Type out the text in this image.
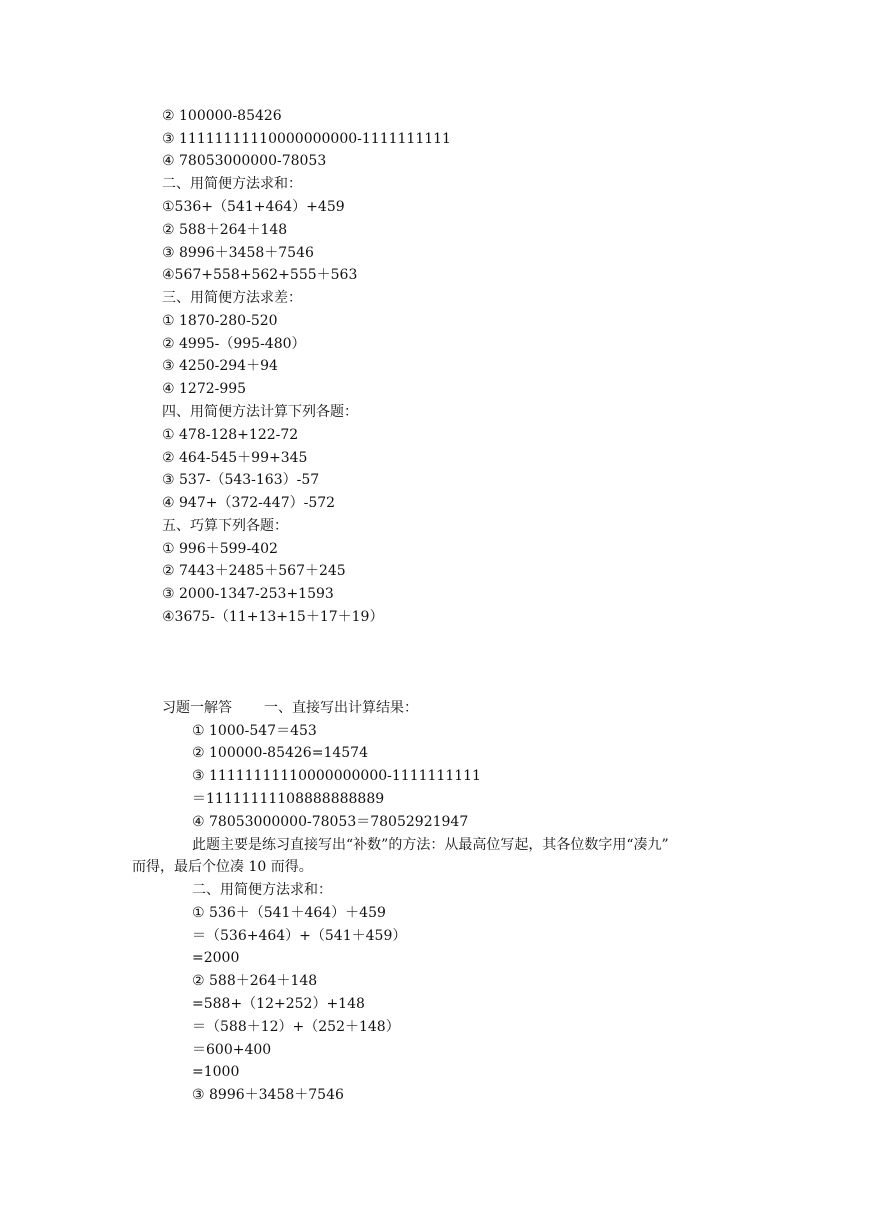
② 100000-85426
③ 11111111110000000000-1111111111
④ 78053000000-78053
二、用简便方法求和：
①536+（541+464）+459
② 588＋264＋148
③ 8996＋3458＋7546
④567+558+562+555＋563
三、用简便方法求差：
① 1870-280-520
② 4995-（995-480）
③ 4250-294＋94
④ 1272-995
四、用简便方法计算下列各题：
① 478-128+122-72
② 464-545＋99+345
③ 537-（543-163）-57
④ 947+（372-447）-572
五、巧算下列各题：
① 996＋599-402
② 7443＋2485＋567＋245
③ 2000-1347-253+1593
④3675-（11+13+15＋17＋19）
习题一解答 一、直接写出计算结果：
① 1000-547＝453
② 100000-85426=14574
③ 11111111110000000000-1111111111
＝11111111108888888889
④ 78053000000-78053＝78052921947
此题主要是练习直接写出“补数”的方法：从最高位写起，其各位数字用“凑九”
而得，最后个位凑 10 而得。
二、用简便方法求和：
① 536＋（541＋464）＋459
＝（536+464）+（541＋459）
=2000
② 588＋264＋148
=588+（12+252）+148
＝（588＋12）+（252＋148）
＝600+400
=1000
③ 8996＋3458＋7546
